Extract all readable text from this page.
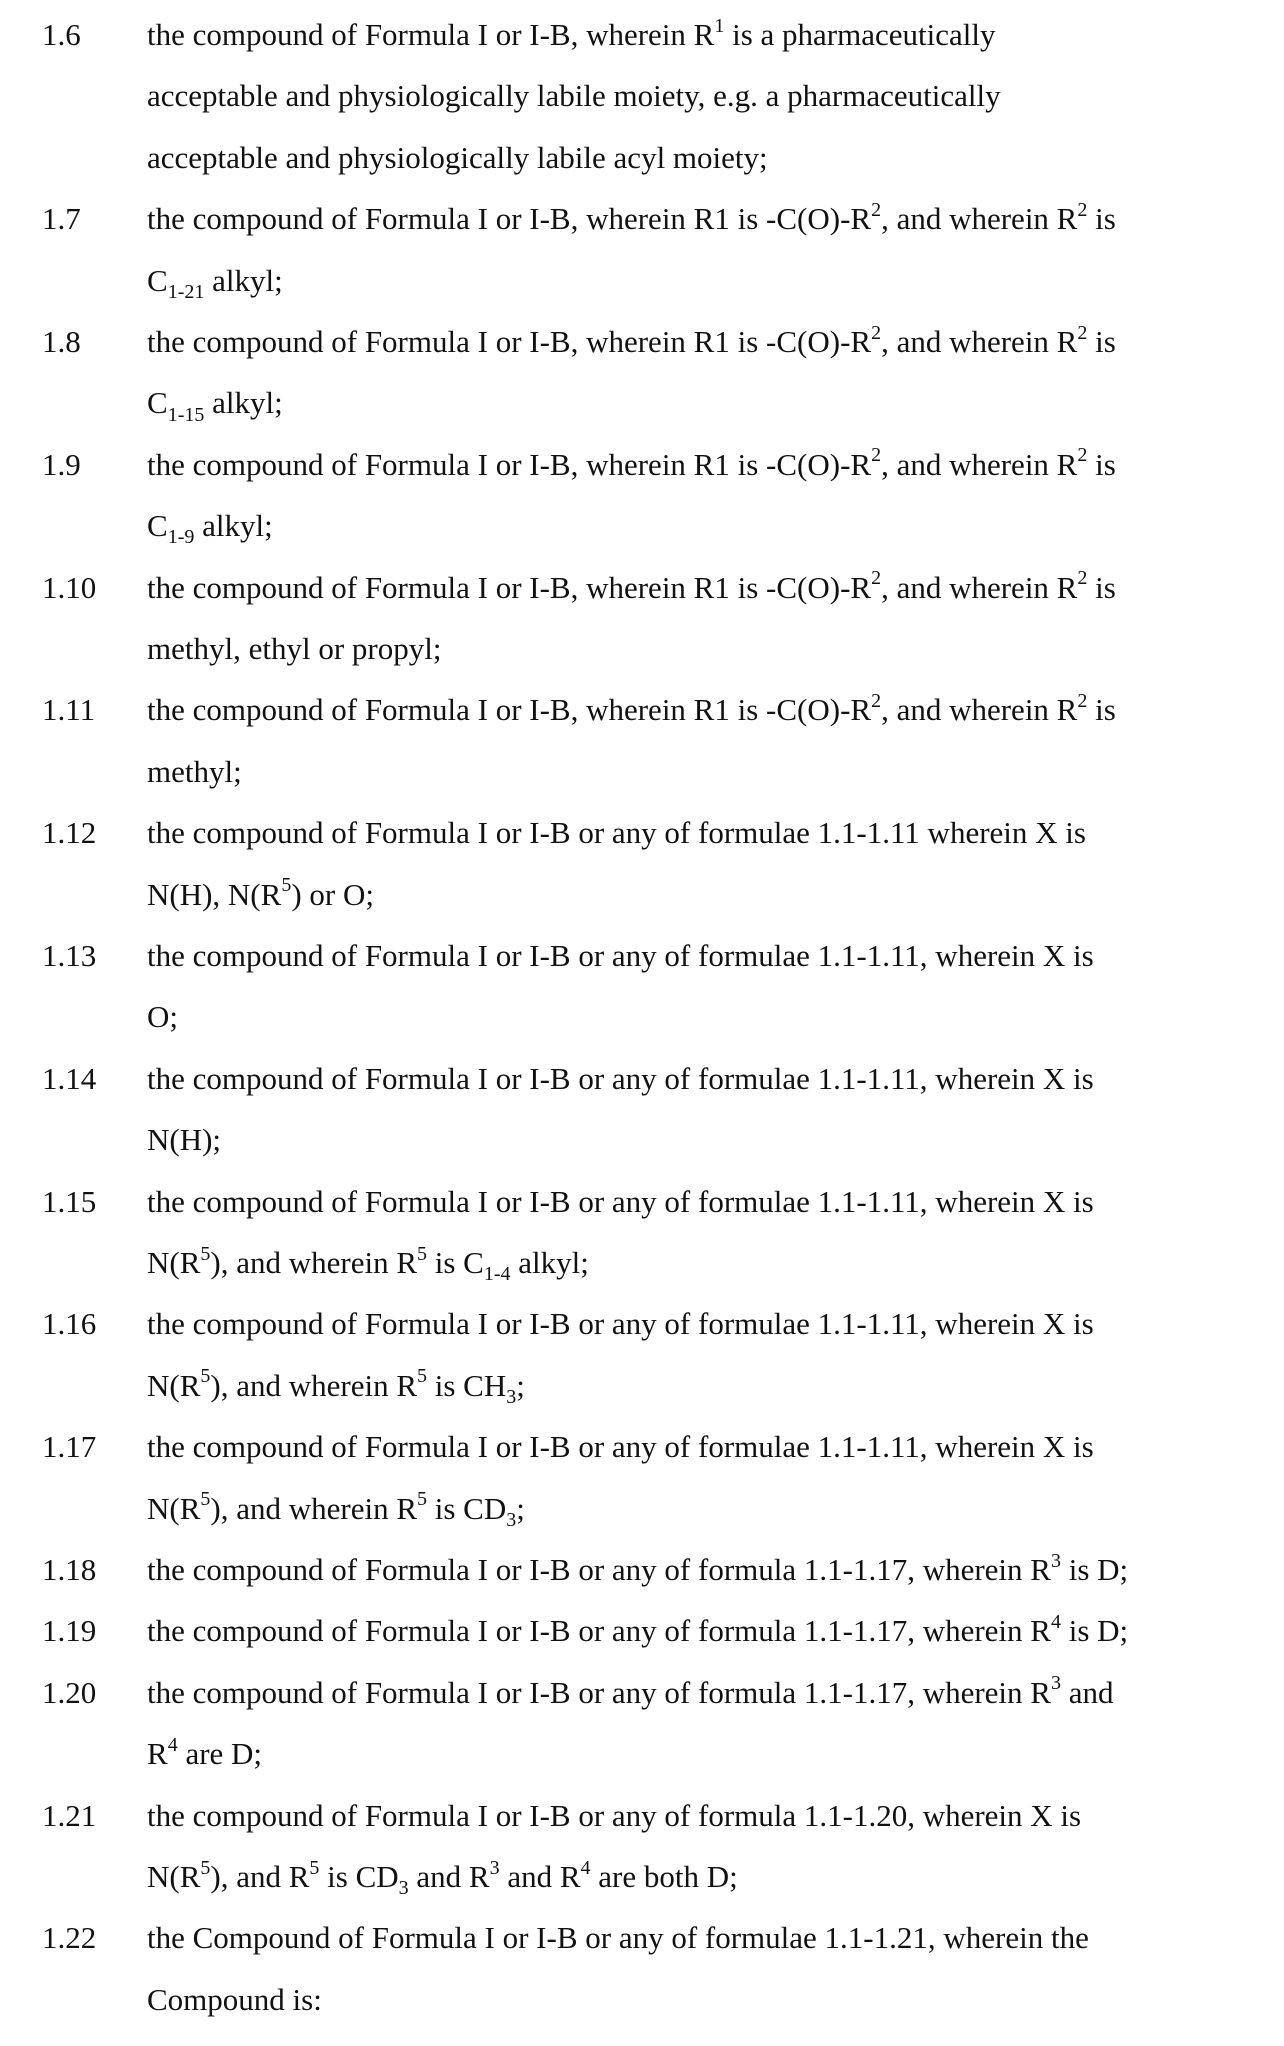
1.6 the compound of Formula I or I-B, wherein $R^1$ is a pharmaceutically
acceptable and physiologically labile moiety, e.g. a pharmaceutically
acceptable and physiologically labile acyl moiety;
1.7 the compound of Formula I or I-B, wherein R1 is $-C(O)-R^2$, and wherein $R^2$ is
$C_{1-21}$ alkyl;
1.8 the compound of Formula I or I-B, wherein R1 is $-C(O)-R^2$, and wherein $R^2$ is
$C_{1-15}$ alkyl;
1.9 the compound of Formula I or I-B, wherein R1 is $-C(O)-R^2$, and wherein $R^2$ is
$C_{1-9}$ alkyl;
1.10 the compound of Formula I or I-B, wherein R1 is $-C(O)-R^2$, and wherein $R^2$ is
methyl, ethyl or propyl;
1.11 the compound of Formula I or I-B, wherein R1 is $-C(O)-R^2$, and wherein $R^2$ is
methyl;
1.12 the compound of Formula I or I-B or any of formulae 1.1-1.11 wherein X is
N(H), $N(R^5)$ or O;
1.13 the compound of Formula I or I-B or any of formulae 1.1-1.11, wherein X is
O;
1.14 the compound of Formula I or I-B or any of formulae 1.1-1.11, wherein X is
N(H);
1.15 the compound of Formula I or I-B or any of formulae 1.1-1.11, wherein X is
$N(R^5)$, and wherein $R^5$ is $C_{1-4}$ alkyl;
1.16 the compound of Formula I or I-B or any of formulae 1.1-1.11, wherein X is
$N(R^5)$, and wherein $R^5$ is $CH_3$;
1.17 the compound of Formula I or I-B or any of formulae 1.1-1.11, wherein X is
$N(R^5)$, and wherein $R^5$ is $CD_3$;
1.18 the compound of Formula I or I-B or any of formula 1.1-1.17, wherein $R^3$ is D;
1.19 the compound of Formula I or I-B or any of formula 1.1-1.17, wherein $R^4$ is D;
1.20 the compound of Formula I or I-B or any of formula 1.1-1.17, wherein $R^3$ and
$R^4$ are D;
1.21 the compound of Formula I or I-B or any of formula 1.1-1.20, wherein X is
$N(R^5)$, and $R^5$ is $CD_3$ and $R^3$ and $R^4$ are both D;
1.22 the Compound of Formula I or I-B or any of formulae 1.1-1.21, wherein the
Compound is:
